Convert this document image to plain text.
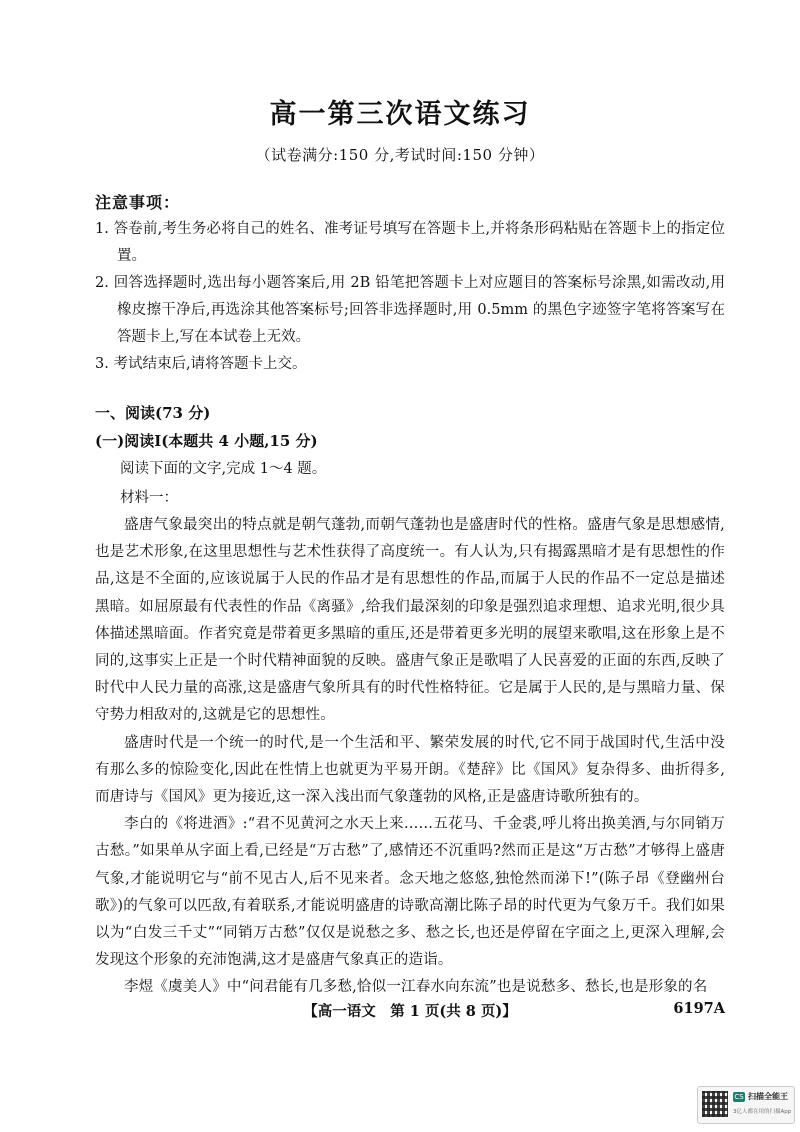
高一第三次语文练习
（试卷满分:150 分,考试时间:150 分钟）
注意事项：
1. 答卷前,考生务必将自己的姓名、准考证号填写在答题卡上,并将条形码粘贴在答题卡上的指定位置。
2. 回答选择题时,选出每小题答案后,用 2B 铅笔把答题卡上对应题目的答案标号涂黑,如需改动,用橡皮擦干净后,再选涂其他答案标号;回答非选择题时,用 0.5mm 的黑色字迹签字笔将答案写在答题卡上,写在本试卷上无效。
3. 考试结束后,请将答题卡上交。
一、阅读(73 分)
(一)阅读Ⅰ(本题共 4 小题,15 分)
阅读下面的文字,完成 1～4 题。
材料一：

盛唐气象最突出的特点就是朝气蓬勃,而朝气蓬勃也是盛唐时代的性格。盛唐气象是思想感情,也是艺术形象,在这里思想性与艺术性获得了高度统一。有人认为,只有揭露黑暗才是有思想性的作品,这是不全面的,应该说属于人民的作品才是有思想性的作品,而属于人民的作品不一定总是描述黑暗。如屈原最有代表性的作品《离骚》,给我们最深刻的印象是强烈追求理想、追求光明,很少具体描述黑暗面。作者究竟是带着更多黑暗的重压,还是带着更多光明的展望来歌唱,这在形象上是不同的,这事实上正是一个时代精神面貌的反映。盛唐气象正是歌唱了人民喜爱的正面的东西,反映了时代中人民力量的高涨,这是盛唐气象所具有的时代性格特征。它是属于人民的,是与黑暗力量、保守势力相敌对的,这就是它的思想性。

盛唐时代是一个统一的时代,是一个生活和平、繁荣发展的时代,它不同于战国时代,生活中没有那么多的惊险变化,因此在性情上也就更为平易开朗。《楚辞》比《国风》复杂得多、曲折得多,而唐诗与《国风》更为接近,这一深入浅出而气象蓬勃的风格,正是盛唐诗歌所独有的。

李白的《将进酒》:“君不见黄河之水天上来……五花马、千金裘,呼儿将出换美酒,与尔同销万古愁。”如果单从字面上看,已经是“万古愁”了,感情还不沉重吗?然而正是这“万古愁”才够得上盛唐气象,才能说明它与“前不见古人,后不见来者。念天地之悠悠,独怆然而涕下!”(陈子昂《登幽州台歌》)的气象可以匹敌,有着联系,才能说明盛唐的诗歌高潮比陈子昂的时代更为气象万千。我们如果以为“白发三千丈”“同销万古愁”仅仅是说愁之多、愁之长,也还是停留在字面之上,更深入理解,会发现这个形象的充沛饱满,这才是盛唐气象真正的造诣。

李煜《虞美人》中“问君能有几多愁,恰似一江春水向东流”也是说愁多、愁长,也是形象的名

【高一语文　第 1 页(共 8 页)】	6197A
CS 扫描全能王
3亿人都在用的扫描App
